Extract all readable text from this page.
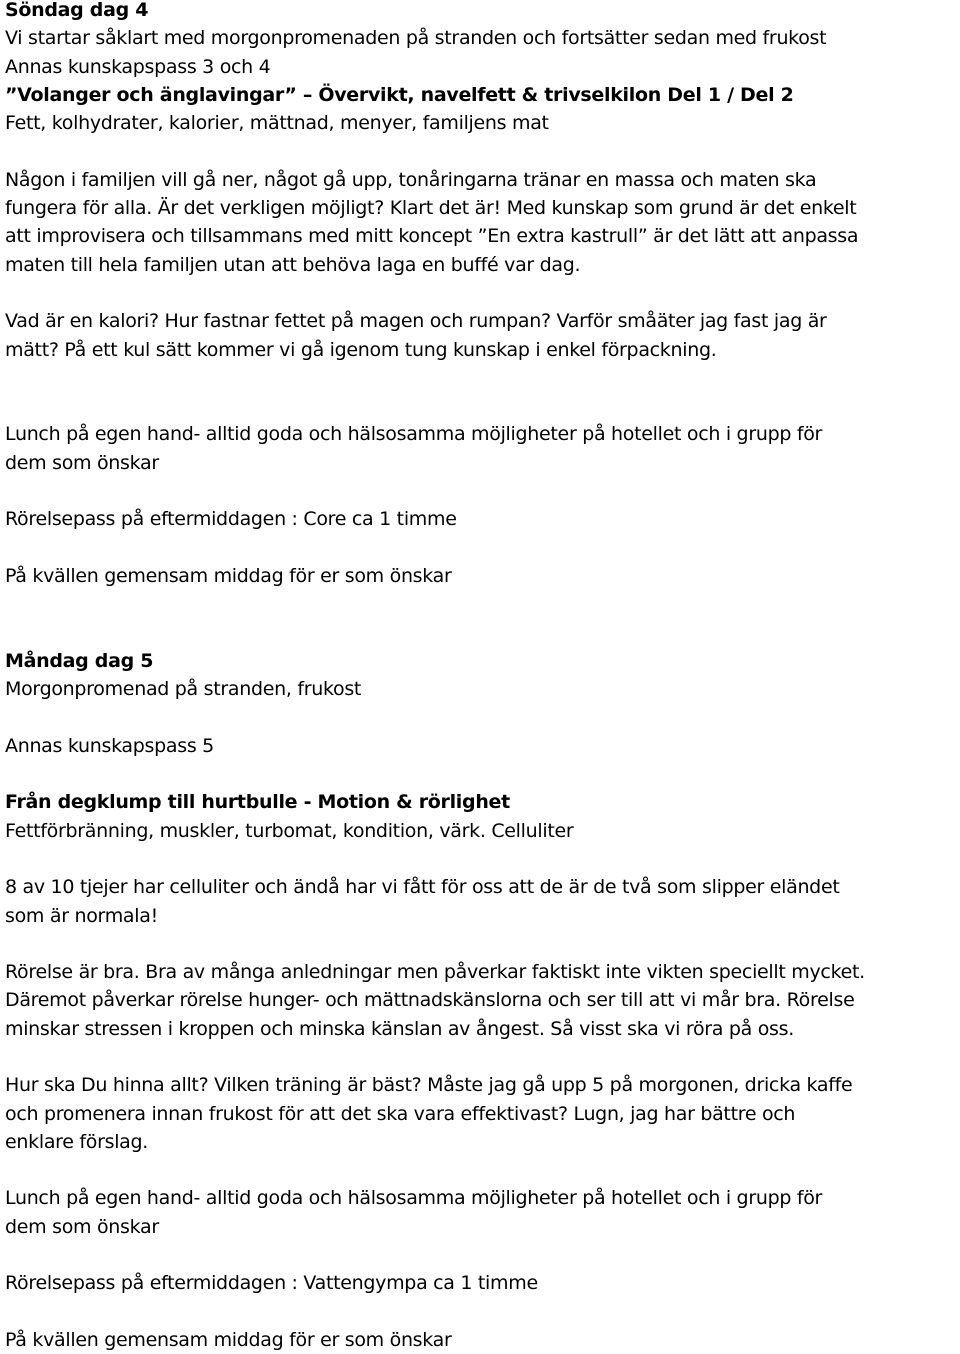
Söndag dag 4
Vi startar såklart med morgonpromenaden på stranden och fortsätter sedan med frukost
Annas kunskapspass 3 och 4
”Volanger och änglavingar” – Övervikt, navelfett & trivselkilon Del 1 / Del 2
Fett, kolhydrater, kalorier, mättnad, menyer, familjens mat
Någon i familjen vill gå ner, något gå upp, tonåringarna tränar en massa och maten ska
fungera för alla. Är det verkligen möjligt? Klart det är! Med kunskap som grund är det enkelt
att improvisera och tillsammans med mitt koncept ”En extra kastrull” är det lätt att anpassa
maten till hela familjen utan att behöva laga en buffé var dag.
Vad är en kalori? Hur fastnar fettet på magen och rumpan? Varför småäter jag fast jag är
mätt? På ett kul sätt kommer vi gå igenom tung kunskap i enkel förpackning.
Lunch på egen hand- alltid goda och hälsosamma möjligheter på hotellet och i grupp för
dem som önskar
Rörelsepass på eftermiddagen : Core ca 1 timme
På kvällen gemensam middag för er som önskar
Måndag dag 5
Morgonpromenad på stranden, frukost
Annas kunskapspass 5
Från degklump till hurtbulle - Motion & rörlighet
Fettförbränning, muskler, turbomat, kondition, värk. Celluliter
8 av 10 tjejer har celluliter och ändå har vi fått för oss att de är de två som slipper eländet
som är normala!
Rörelse är bra. Bra av många anledningar men påverkar faktiskt inte vikten speciellt mycket.
Däremot påverkar rörelse hunger- och mättnadskänslorna och ser till att vi mår bra. Rörelse
minskar stressen i kroppen och minska känslan av ångest. Så visst ska vi röra på oss.
Hur ska Du hinna allt? Vilken träning är bäst? Måste jag gå upp 5 på morgonen, dricka kaffe
och promenera innan frukost för att det ska vara effektivast? Lugn, jag har bättre och
enklare förslag.
Lunch på egen hand- alltid goda och hälsosamma möjligheter på hotellet och i grupp för
dem som önskar
Rörelsepass på eftermiddagen : Vattengympa ca 1 timme
På kvällen gemensam middag för er som önskar
